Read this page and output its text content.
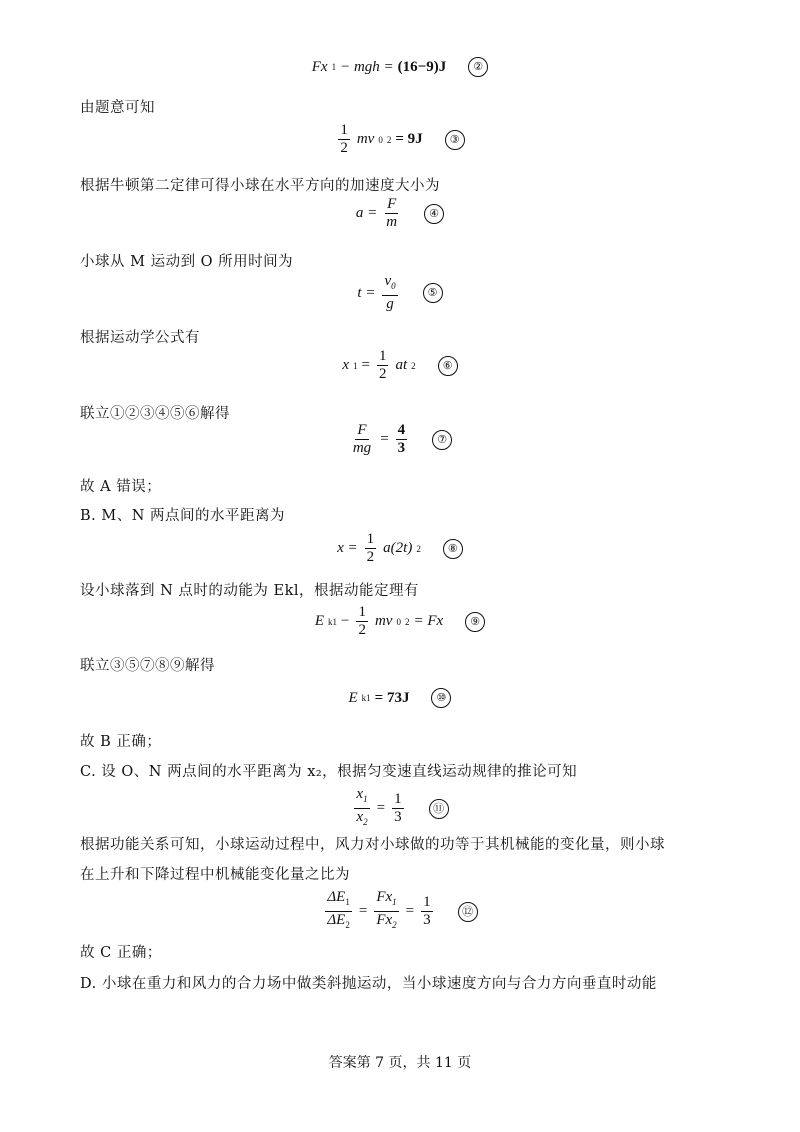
Fx 1 − mgh = (16−9)J	②
由题意可知
$\frac{1}{2}$ mv 0 2 = 9J	③
根据牛顿第二定律可得小球在水平方向的加速度大小为
$a = \frac{F}{m}$	④
小球从 M 运动到 O 所用时间为
$t = \frac{v_0}{g}$	⑤
根据运动学公式有
x $1 = \frac{1}{2}$ at 2	⑥
联立①②③④⑤⑥解得
$\frac{F}{mg} = \frac{4}{3}$	⑦
故 A 错误；
B. M、N 两点间的水平距离为
$x = \frac{1}{2} a(2t)$ 2	⑧
设小球落到 N 点时的动能为 Ekl，根据动能定理有
E $k1 - \frac{1}{2}$ mv 0 2 = Fx	⑨
联立③⑤⑦⑧⑨解得
E k1 = 73J	⑩
故 B 正确；
C. 设 O、N 两点间的水平距离为 x₂，根据匀变速直线运动规律的推论可知
$\frac{x_1}{x_2} = \frac{1}{3}$	⑪
根据功能关系可知，小球运动过程中，风力对小球做的功等于其机械能的变化量，则小球
在上升和下降过程中机械能变化量之比为
$\frac{\Delta E_1}{\Delta E_2} = \frac{Fx_1}{Fx_2} = \frac{1}{3}$	⑫
故 C 正确；
D. 小球在重力和风力的合力场中做类斜抛运动，当小球速度方向与合力方向垂直时动能
答案第 7 页，共 11 页
